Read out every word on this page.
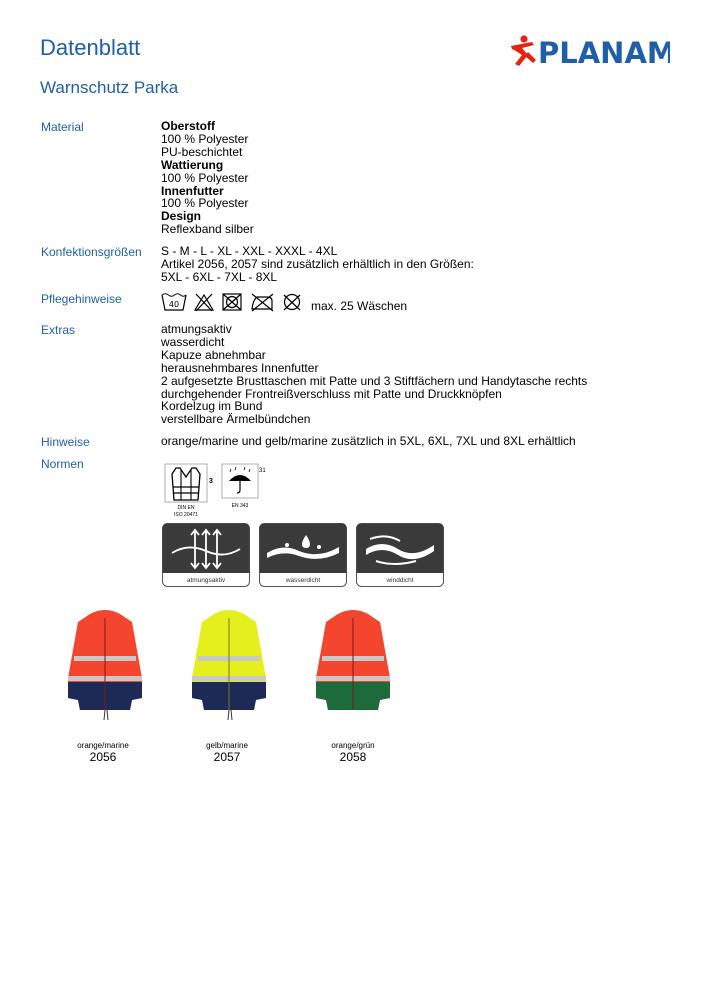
Datenblatt
Warnschutz Parka
PLANAM
Material	Oberstoff
100 % Polyester
PU-beschichtet
Wattierung
100 % Polyester
Innenfutter
100 % Polyester
Design
Reflexband silber
Konfektionsgrößen S - M - L - XL - XXL - XXXL - 4XL
Artikel 2056, 2057 sind zusätzlich erhältlich in den Größen:
5XL - 6XL - 7XL - 8XL
Pflegehinweise	40	max. 25 Wäschen
Extras	atmungsaktiv
wasserdicht
Kapuze abnehmbar
herausnehmbares Innenfutter
2 aufgesetzte Brusttaschen mit Patte und 3 Stiftfächern und Handytasche rechts
durchgehender Frontreißverschluss mit Patte und Druckknöpfen
Kordelzug im Bund
verstellbare Ärmelbündchen
Hinweise	orange/marine und gelb/marine zusätzlich in 5XL, 6XL, 7XL und 8XL erhältlich
Normen
3
DIN EN
ISO 20471
31
EN 343
atmungsaktiv	wasserdicht	winddicht
orange/marine
2056
gelb/marine
2057
orange/grün
2058
